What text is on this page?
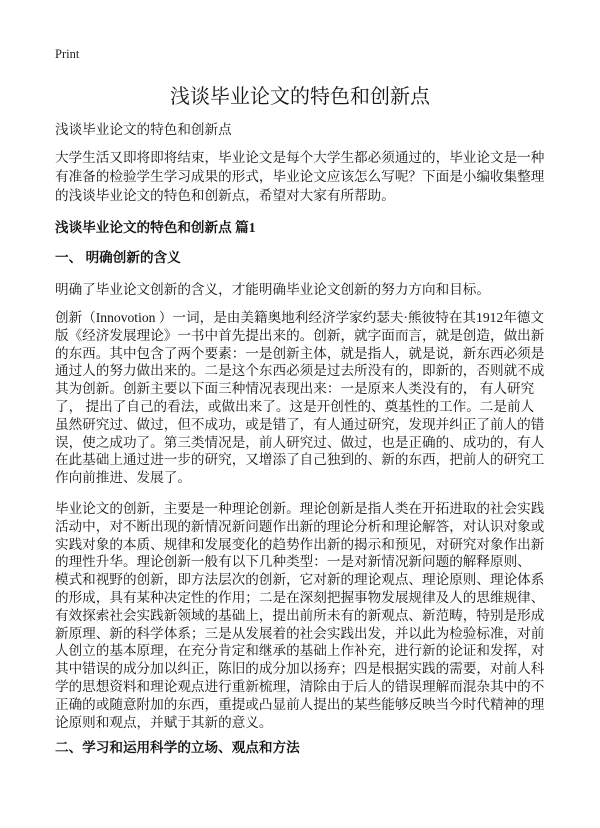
Print
浅谈毕业论文的特色和创新点
浅谈毕业论文的特色和创新点
大学生活又即将即将结束，毕业论文是每个大学生都必须通过的，毕业论文是一种
有准备的检验学生学习成果的形式，毕业论文应该怎么写呢？下面是小编收集整理
的浅谈毕业论文的特色和创新点，希望对大家有所帮助。
浅谈毕业论文的特色和创新点 篇1
一、 明确创新的含义
明确了毕业论文创新的含义，才能明确毕业论文创新的努力方向和目标。
创新（Innovotion ）一词，是由美籍奥地利经济学家约瑟夫·熊彼特在其1912年德文
版《经济发展理论》一书中首先提出来的。创新，就字面而言，就是创造，做出新
的东西。其中包含了两个要素：一是创新主体，就是指人，就是说，新东西必须是
通过人的努力做出来的。二是这个东西必须是过去所没有的，即新的，否则就不成
其为创新。创新主要以下面三种情况表现出来：一是原来人类没有的， 有人研究
了， 提出了自己的看法，或做出来了。这是开创性的、奠基性的工作。二是前人
虽然研究过、做过，但不成功，或是错了，有人通过研究，发现并纠正了前人的错
误，使之成功了。第三类情况是，前人研究过、做过，也是正确的、成功的，有人
在此基础上通过进一步的研究，又增添了自己独到的、新的东西，把前人的研究工
作向前推进、发展了。
毕业论文的创新，主要是一种理论创新。理论创新是指人类在开拓进取的社会实践
活动中，对不断出现的新情况新问题作出新的理论分析和理论解答，对认识对象或
实践对象的本质、规律和发展变化的趋势作出新的揭示和预见，对研究对象作出新
的理性升华。理论创新一般有以下几种类型：一是对新情况新问题的解释原则、
模式和视野的创新，即方法层次的创新，它对新的理论观点、理论原则、理论体系
的形成，具有某种决定性的作用；二是在深刻把握事物发展规律及人的思维规律、
有效探索社会实践新领域的基础上，提出前所未有的新观点、新范畴，特别是形成
新原理、新的科学体系；三是从发展着的社会实践出发，并以此为检验标准，对前
人创立的基本原理，在充分肯定和继承的基础上作补充，进行新的论证和发挥，对
其中错误的成分加以纠正，陈旧的成分加以扬弃；四是根据实践的需要，对前人科
学的思想资料和理论观点进行重新梳理，清除由于后人的错误理解而混杂其中的不
正确的或随意附加的东西，重提或凸显前人提出的某些能够反映当今时代精神的理
论原则和观点，并赋于其新的意义。
二、学习和运用科学的立场、观点和方法
